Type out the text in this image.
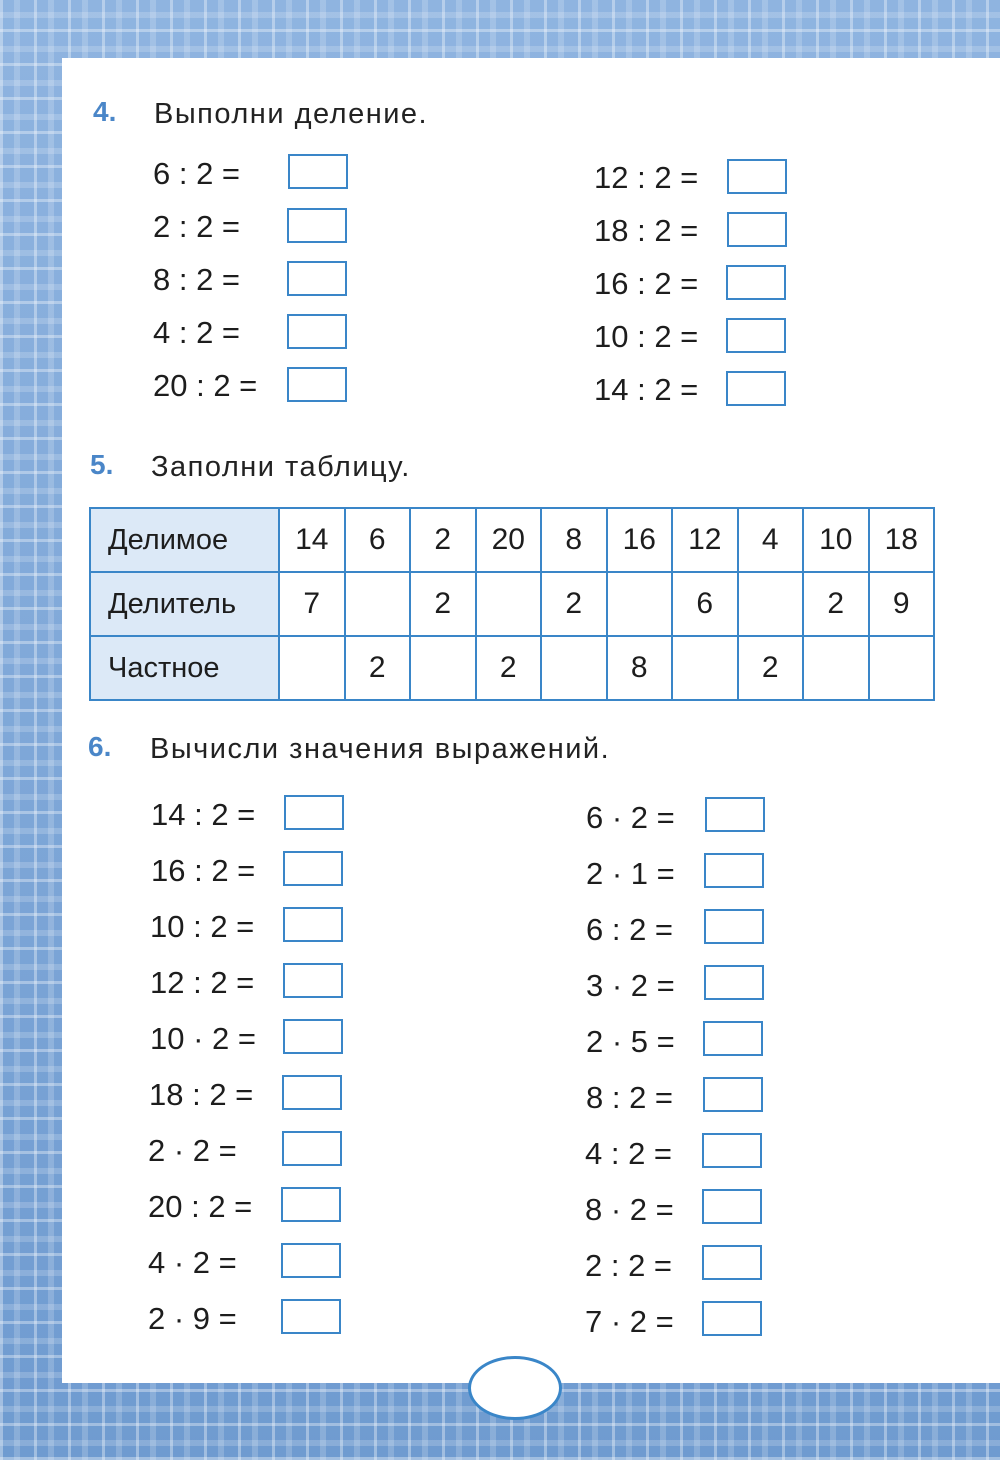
4. Выполни деление.
6 : 2 =
2 : 2 =
8 : 2 =
4 : 2 =
20 : 2 =
12 : 2 =
18 : 2 =
16 : 2 =
10 : 2 =
14 : 2 =
5. Заполни таблицу.
Делимое	14	6	2	20	8	16	12	4	10	18
Делитель	7		2		2		6		2	9
Частное		2		2		8		2		
6. Вычисли значения выражений.
14 : 2 =
16 : 2 =
10 : 2 =
12 : 2 =
10 · 2 =
18 : 2 =
2 · 2 =
20 : 2 =
4 · 2 =
2 · 9 =
6 · 2 =
2 · 1 =
6 : 2 =
3 · 2 =
2 · 5 =
8 : 2 =
4 : 2 =
8 · 2 =
2 : 2 =
7 · 2 =
